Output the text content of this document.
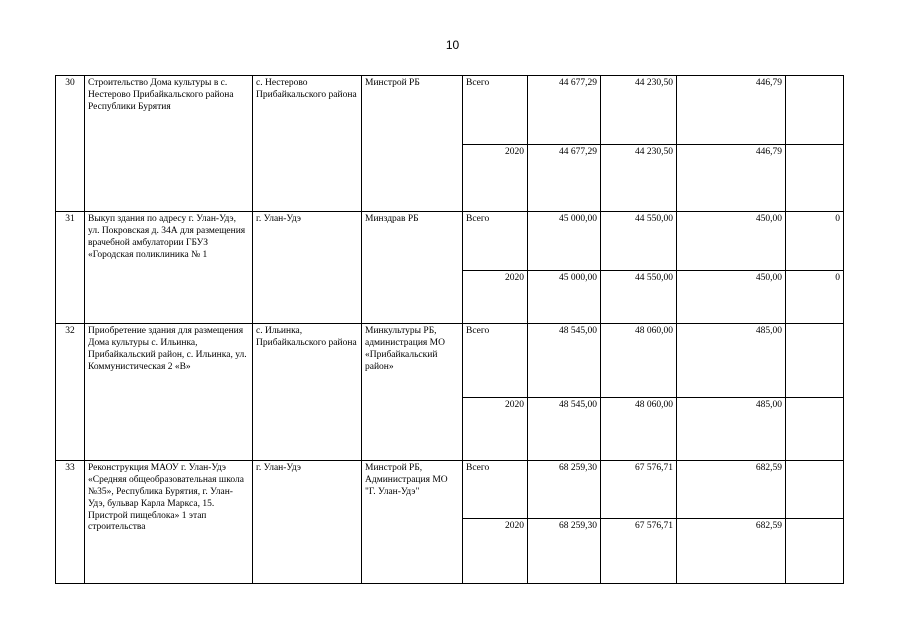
10
30	Строительство Дома культуры в с. Нестерово Прибайкальского района Республики Бурятия	с. Нестерово Прибайкальского района	Минстрой РБ	Всего	44 677,29	44 230,50	446,79	
				2020	44 677,29	44 230,50	446,79	
31	Выкуп здания по адресу г. Улан-Удэ, ул. Покровская д. 34А для размещения врачебной амбулатории ГБУЗ «Городская поликлиника № 1	г. Улан-Удэ	Минздрав РБ	Всего	45 000,00	44 550,00	450,00	0
				2020	45 000,00	44 550,00	450,00	0
32	Приобретение здания для размещения Дома культуры с. Ильинка, Прибайкальский район, с. Ильинка, ул. Коммунистическая 2 «В»	с. Ильинка, Прибайкальского района	Минкультуры РБ, администрация МО «Прибайкальский район»	Всего	48 545,00	48 060,00	485,00	
				2020	48 545,00	48 060,00	485,00	
33	Реконструкция МАОУ г. Улан-Удэ «Средняя общеобразовательная школа №35», Республика Бурятия, г. Улан-Удэ, бульвар Карла Маркса, 15. Пристрой пищеблока» 1 этап строительства	г. Улан-Удэ	Минстрой РБ, Администрация МО "Г. Улан-Удэ"	Всего	68 259,30	67 576,71	682,59	
				2020	68 259,30	67 576,71	682,59	
